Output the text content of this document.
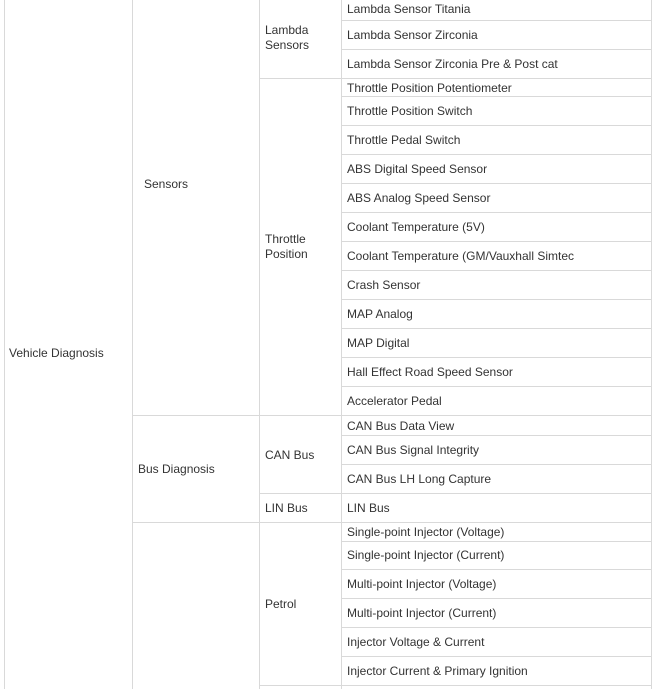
Vehicle Diagnosis
Sensors
Bus Diagnosis
Lambda Sensors
Throttle Position
CAN Bus
LIN Bus
Petrol
Lambda Sensor Titania
Lambda Sensor Zirconia
Lambda Sensor Zirconia Pre & Post cat
Throttle Position Potentiometer
Throttle Position Switch
Throttle Pedal Switch
ABS Digital Speed Sensor
ABS Analog Speed Sensor
Coolant Temperature (5V)
Coolant Temperature (GM/Vauxhall Simtec
Crash Sensor
MAP Analog
MAP Digital
Hall Effect Road Speed Sensor
Accelerator Pedal
CAN Bus Data View
CAN Bus Signal Integrity
CAN Bus LH Long Capture
LIN Bus
Single-point Injector (Voltage)
Single-point Injector (Current)
Multi-point Injector (Voltage)
Multi-point Injector (Current)
Injector Voltage & Current
Injector Current & Primary Ignition
